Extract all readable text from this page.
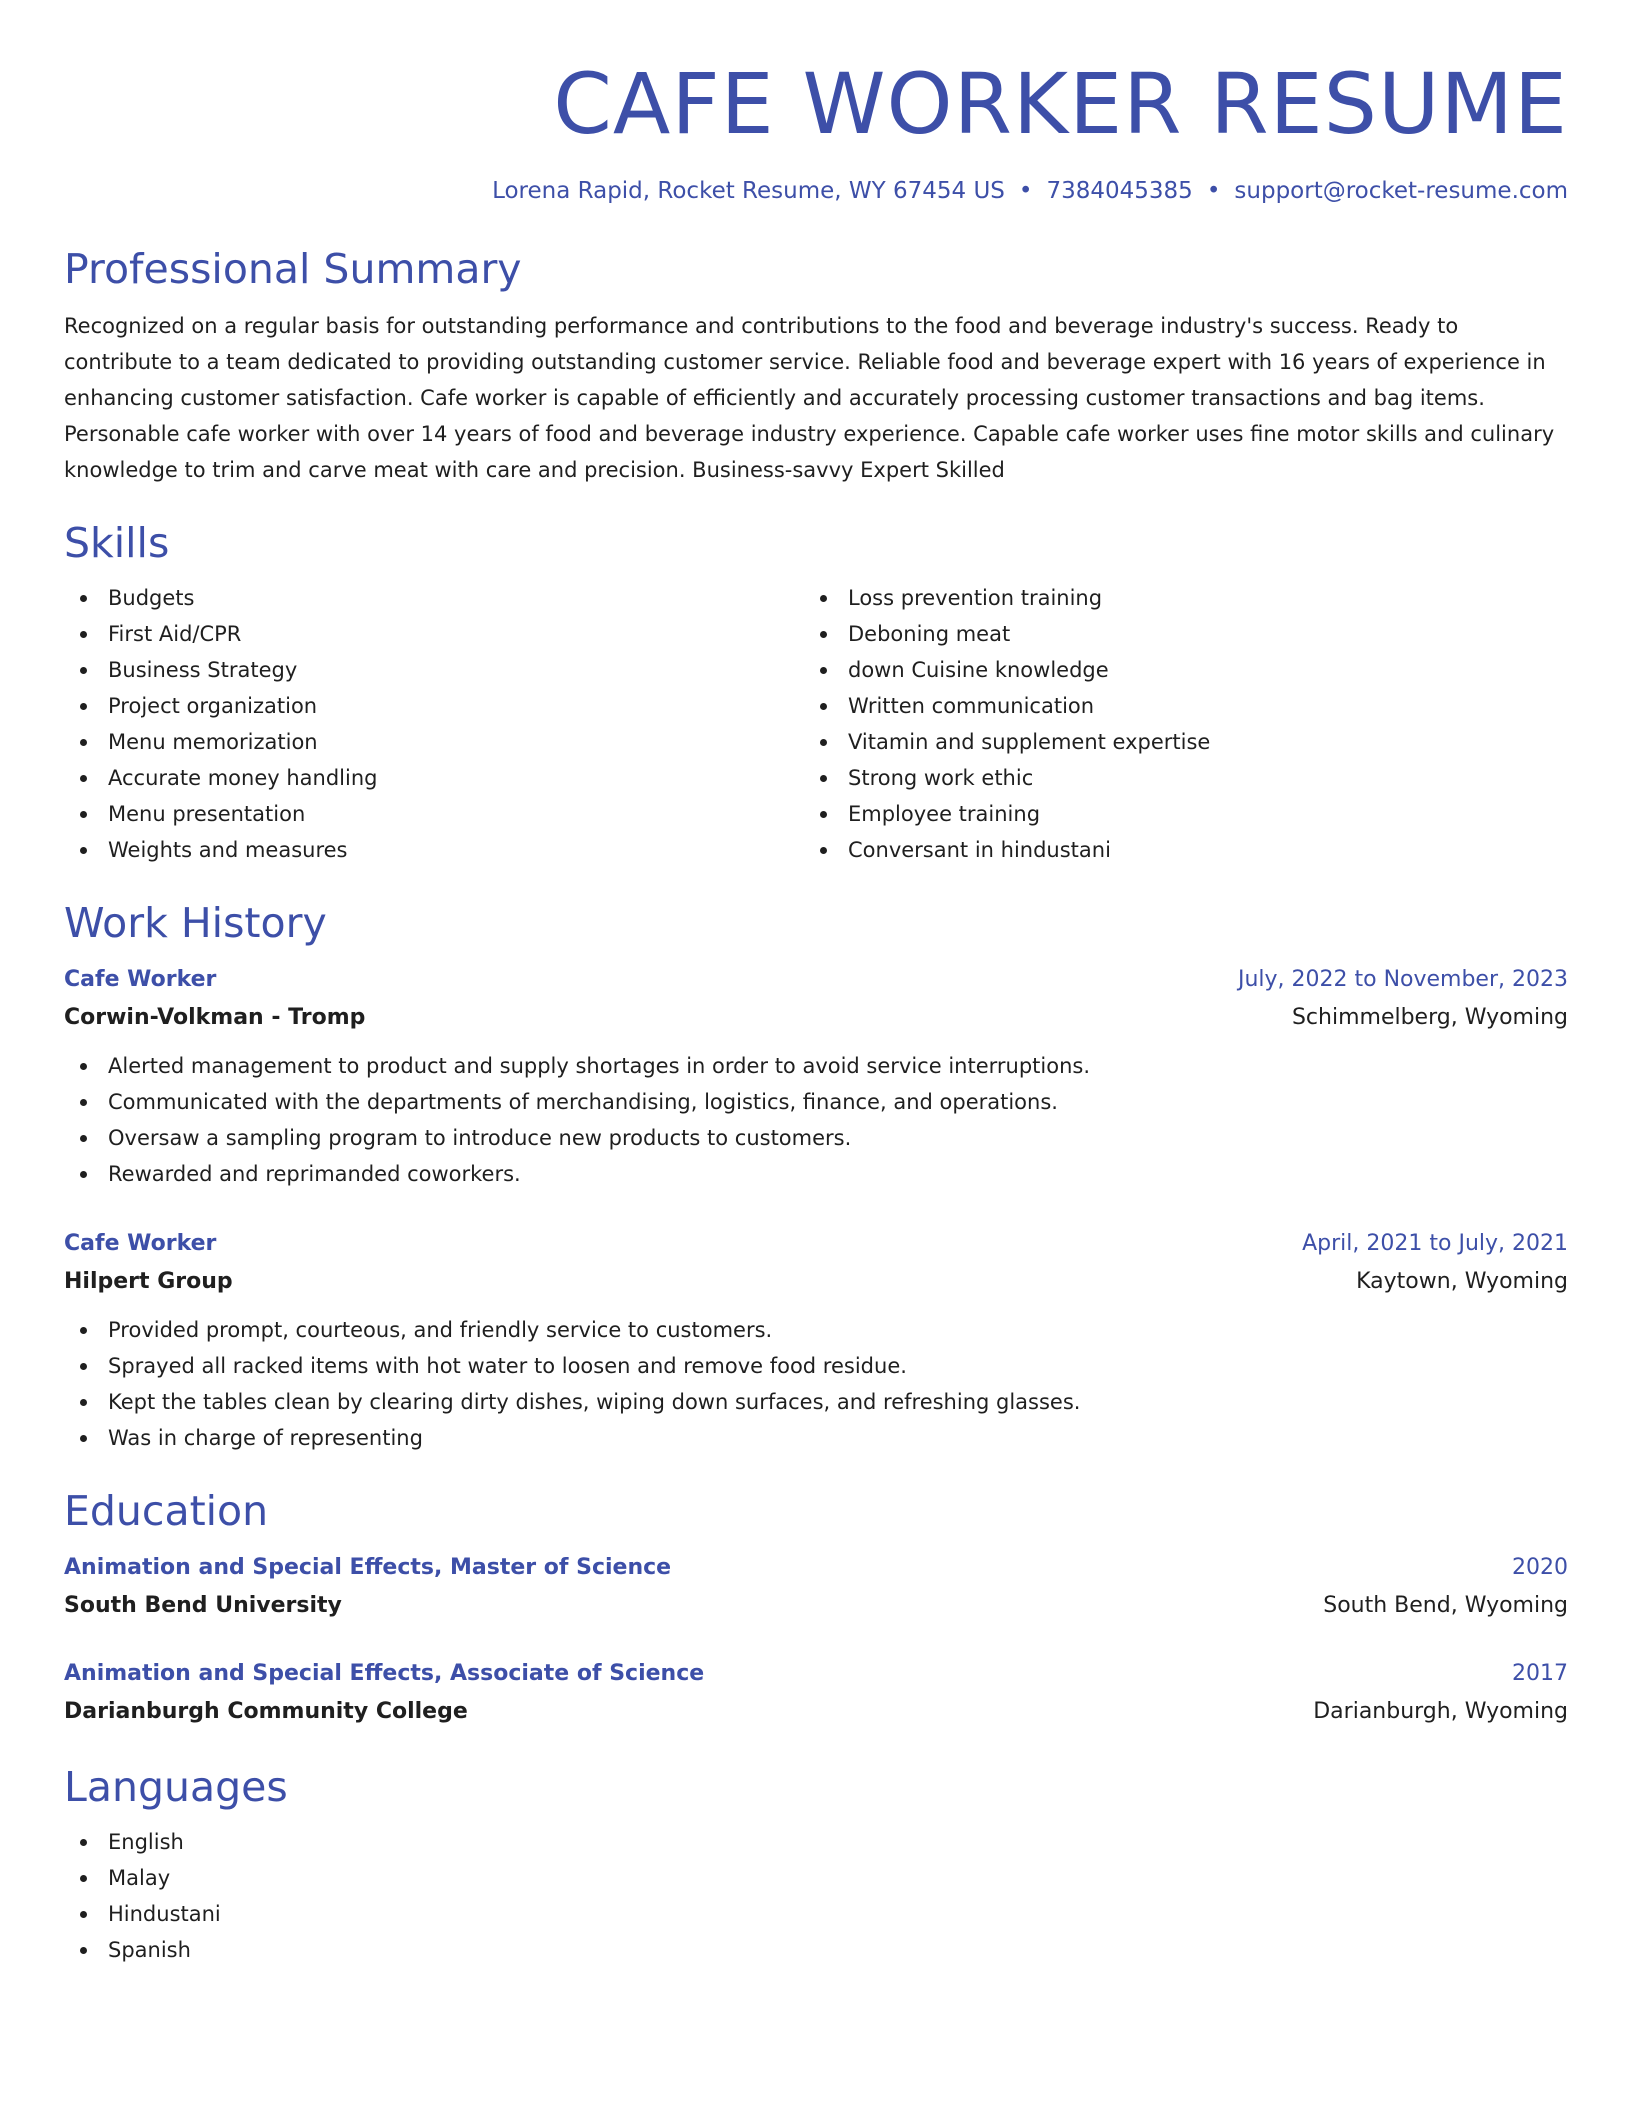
CAFE WORKER RESUME
Lorena Rapid, Rocket Resume, WY 67454 US • 7384045385 • support@rocket-resume.com
Professional Summary
Recognized on a regular basis for outstanding performance and contributions to the food and beverage industry's success. Ready to contribute to a team dedicated to providing outstanding customer service. Reliable food and beverage expert with 16 years of experience in enhancing customer satisfaction. Cafe worker is capable of efficiently and accurately processing customer transactions and bag items. Personable cafe worker with over 14 years of food and beverage industry experience. Capable cafe worker uses fine motor skills and culinary knowledge to trim and carve meat with care and precision. Business-savvy Expert Skilled
Skills
Budgets
First Aid/CPR
Business Strategy
Project organization
Menu memorization
Accurate money handling
Menu presentation
Weights and measures
Loss prevention training
Deboning meat
down Cuisine knowledge
Written communication
Vitamin and supplement expertise
Strong work ethic
Employee training
Conversant in hindustani
Work History
Cafe Worker	July, 2022 to November, 2023
Corwin-Volkman - Tromp	Schimmelberg, Wyoming
Alerted management to product and supply shortages in order to avoid service interruptions.
Communicated with the departments of merchandising, logistics, finance, and operations.
Oversaw a sampling program to introduce new products to customers.
Rewarded and reprimanded coworkers.
Cafe Worker	April, 2021 to July, 2021
Hilpert Group	Kaytown, Wyoming
Provided prompt, courteous, and friendly service to customers.
Sprayed all racked items with hot water to loosen and remove food residue.
Kept the tables clean by clearing dirty dishes, wiping down surfaces, and refreshing glasses.
Was in charge of representing
Education
Animation and Special Effects, Master of Science	2020
South Bend University	South Bend, Wyoming
Animation and Special Effects, Associate of Science	2017
Darianburgh Community College	Darianburgh, Wyoming
Languages
English
Malay
Hindustani
Spanish
